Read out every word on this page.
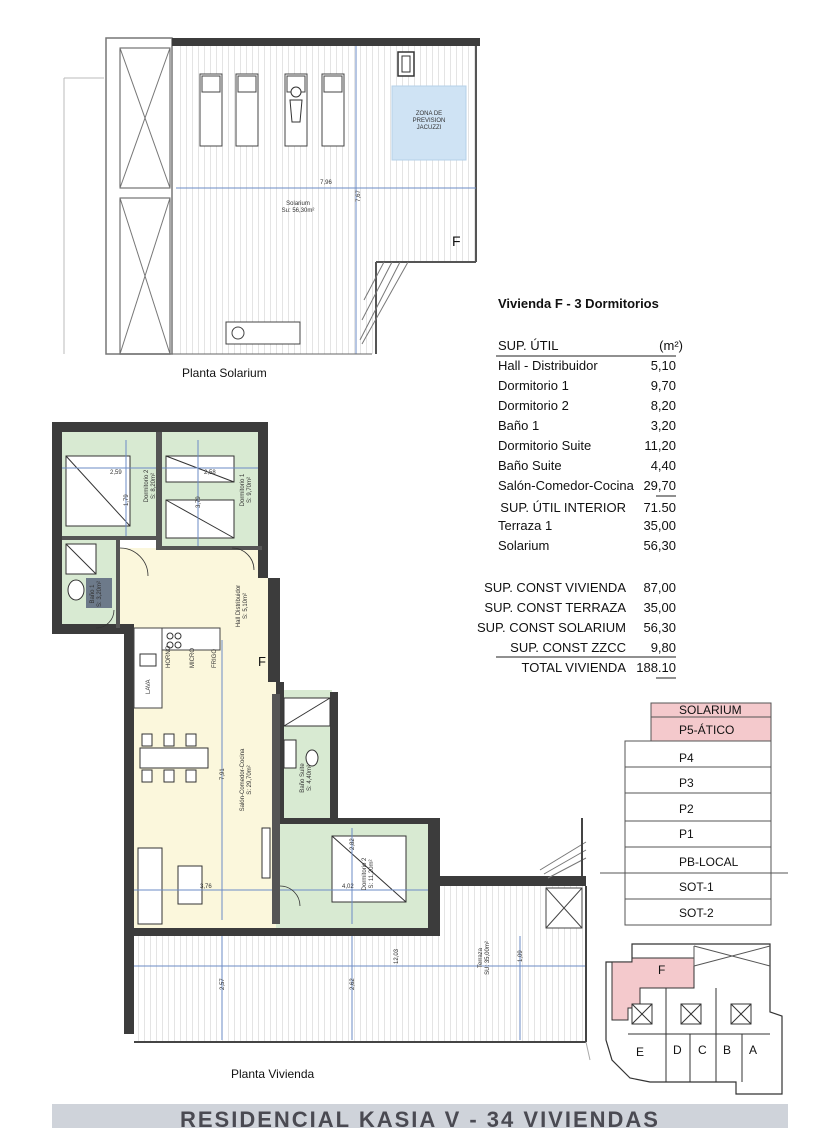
ZONA DE
PREVISION
JACUZZI
Solarium
Su: 56,30m²
7,96
7,67
F
Dormitorio 2 S: 8,20m²	Dormitorio 1 S: 9,70m²
Baño 1 S: 3,20m²	Hall Distribuidor S: 5,10m²
Salón-Comedor-Cocina S: 29,70m²	Baño Suite S: 4,40m²
Dormitorio 2 S: 11,20m²
Terraza SU: 35,00m²
2,59	2,58
1,79	3,79
7,91
3,76
2,82
4,02
12,03
2,57	2,62
1,09
HORNO	MICRO	FRIGO
LAVA
F
F
E D C B A
Planta Solarium
Planta Vivienda
Vivienda F - 3 Dormitorios
SUP. ÚTIL	(m²)
Hall - Distribuidor	5,10
Dormitorio 1	9,70
Dormitorio 2	8,20
Baño 1	3,20
Dormitorio Suite	11,20
Baño Suite	4,40
Salón-Comedor-Cocina 29,70
SUP. ÚTIL INTERIOR 71.50
Terraza 1	35,00
Solarium	56,30
SUP. CONST VIVIENDA 87,00
SUP. CONST TERRAZA 35,00
SUP. CONST SOLARIUM 56,30
SUP. CONST ZZCC 9,80
TOTAL VIVIENDA 188.10
SOLARIUM
P5-ÁTICO
P4
P3
P2
P1
PB-LOCAL
SOT-1
SOT-2
RESIDENCIAL KASIA V - 34 VIVIENDAS
